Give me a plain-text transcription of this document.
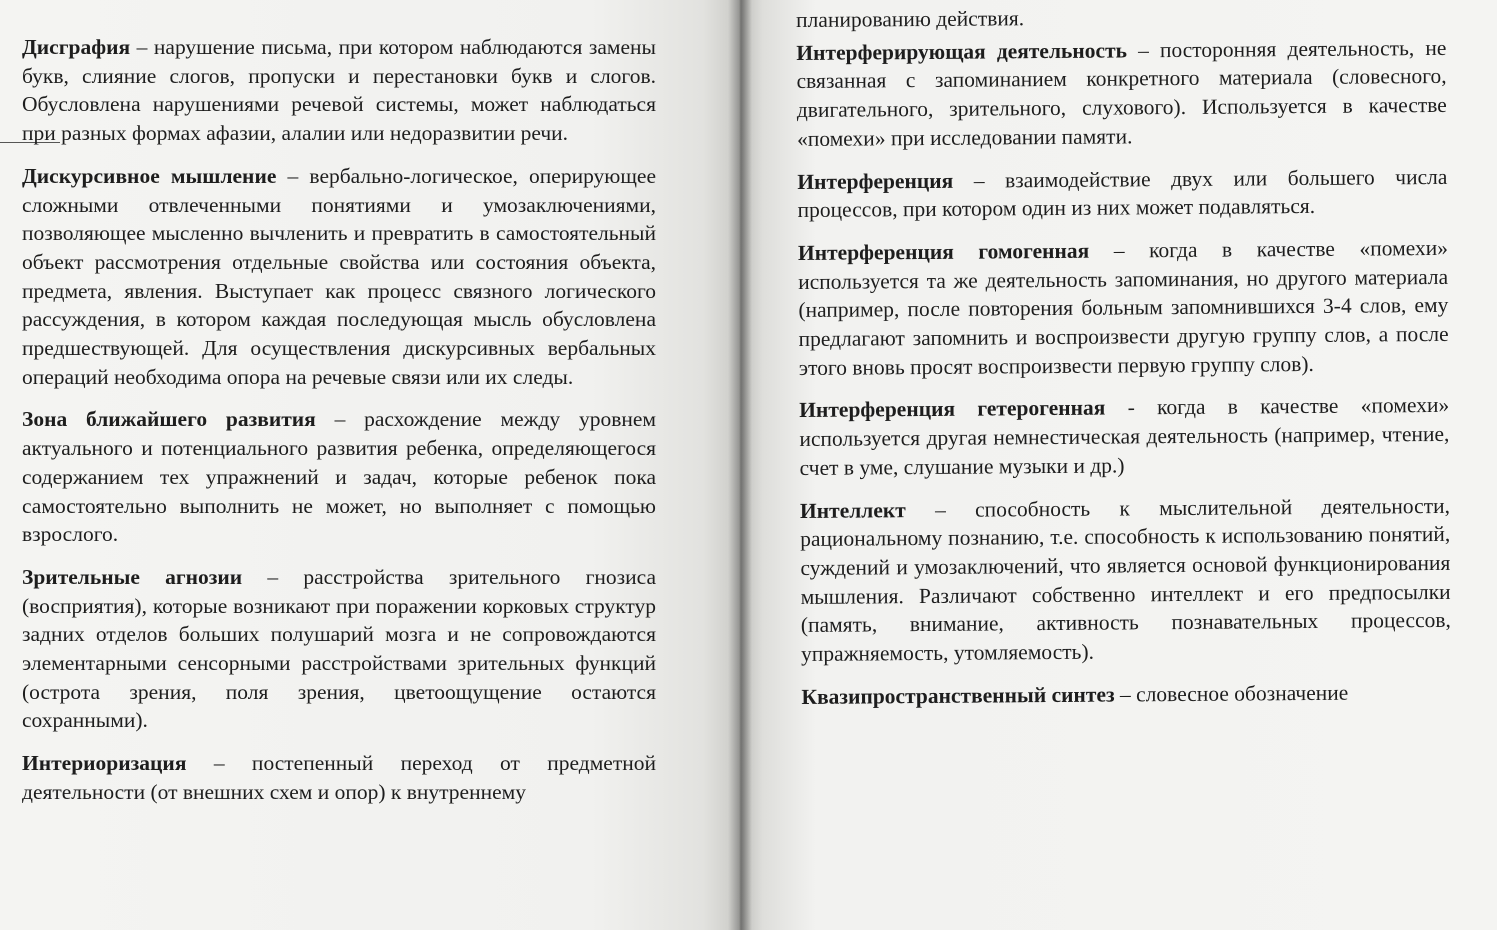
Дисграфия – нарушение письма, при котором наблюдаются замены букв, слияние слогов, пропуски и перестановки букв и слогов. Обусловлена нарушениями речевой системы, может наблюдаться при разных формах афазии, алалии или недоразвитии речи.

Дискурсивное мышление – вербально-логическое, оперирующее сложными отвлеченными понятиями и умозаключениями, позволяющее мысленно вычленить и превратить в самостоятельный объект рассмотрения отдельные свойства или состояния объекта, предмета, явления. Выступает как процесс связного логического рассуждения, в котором каждая последующая мысль обусловлена предшествующей. Для осуществления дискурсивных вербальных операций необходима опора на речевые связи или их следы.

Зона ближайшего развития – расхождение между уровнем актуального и потенциального развития ребенка, определяющегося содержанием тех упражнений и задач, которые ребенок пока самостоятельно выполнить не может, но выполняет с помощью взрослого.

Зрительные агнозии – расстройства зрительного гнозиса (восприятия), которые возникают при поражении корковых структур задних отделов больших полушарий мозга и не сопровождаются элементарными сенсорными расстройствами зрительных функций (острота зрения, поля зрения, цветоощущение остаются сохранными).

Интериоризация – постепенный переход от предметной деятельности (от внешних схем и опор) к внутреннему

планированию действия.

Интерферирующая деятельность – посторонняя деятельность, не связанная с запоминанием конкретного материала (словесного, двигательного, зрительного, слухового). Используется в качестве «помехи» при исследовании памяти.

Интерференция – взаимодействие двух или большего числа процессов, при котором один из них может подавляться.

Интерференция гомогенная – когда в качестве «помехи» используется та же деятельность запоминания, но другого материала (например, после повторения больным запомнившихся 3-4 слов, ему предлагают запомнить и воспроизвести другую группу слов, а после этого вновь просят воспроизвести первую группу слов).

Интерференция гетерогенная - когда в качестве «помехи» используется другая немнестическая деятельность (например, чтение, счет в уме, слушание музыки и др.)

Интеллект – способность к мыслительной деятельности, рациональному познанию, т.е. способность к использованию понятий, суждений и умозаключений, что является основой функционирования мышления. Различают собственно интеллект и его предпосылки (память, внимание, активность познавательных процессов, упражняемость, утомляемость).

Квазипространственный синтез – словесное обозначение
